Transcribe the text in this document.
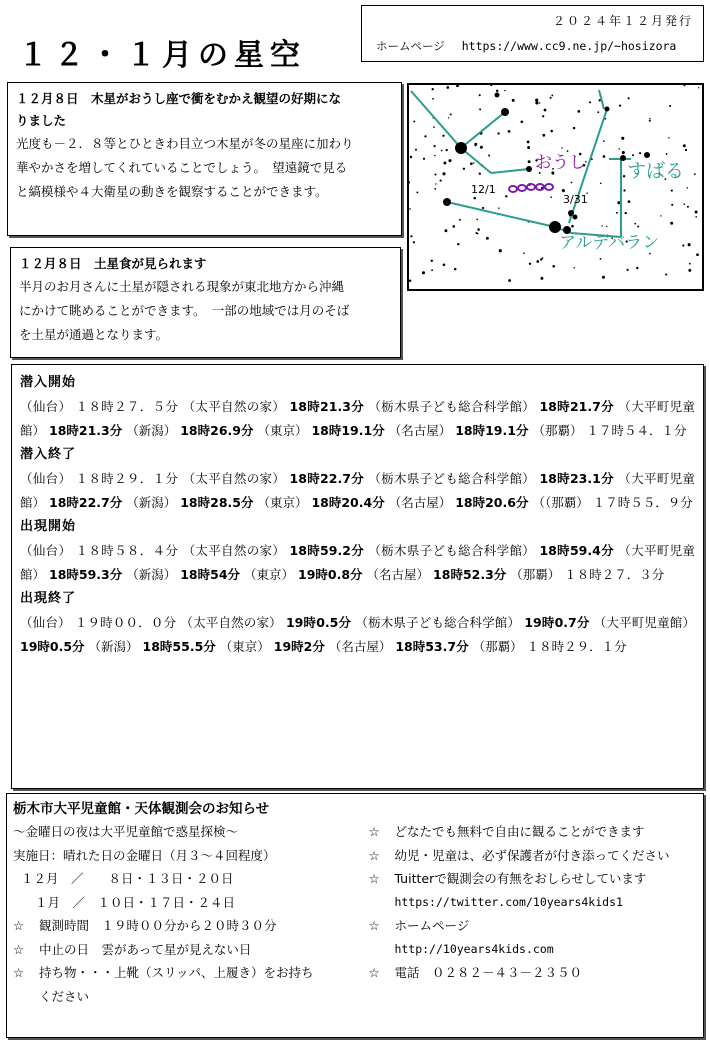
１２・１月の星空
２０２４年１２月発行
ホームページ https://www.cc9.ne.jp/~hosizora
１２月８日　木星がおうし座で衝をむかえ観望の好期にな
りました
光度も－２．８等とひときわ目立つ木星が冬の星座に加わり
華やかさを増してくれていることでしょう。　望遠鏡で見る
と縞模様や４大衛星の動きを観察することができます。
おうし すばる
アルデバラン
12/1
3/31
１２月８日　土星食が見られます
半月のお月さんに土星が隠される現象が東北地方から沖縄
にかけて眺めることができます。　一部の地域では月のそば
を土星が通過となります。
潜入開始
（仙台） １８時２７．５分 （太平自然の家） 18時21.3分 （栃木県子ども総合科学館） 18時21.7分 （大平町児童館） 18時21.3分 （新潟） 18時26.9分 （東京） 18時19.1分 （名古屋） 18時19.1分 （那覇） １７時５４．１分
潜入終了
（仙台） １８時２９．１分 （太平自然の家） 18時22.7分 （栃木県子ども総合科学館） 18時23.1分 （大平町児童館） 18時22.7分 （新潟） 18時28.5分 （東京） 18時20.4分 （名古屋） 18時20.6分 （（那覇） １７時５５．９分
出現開始
（仙台） １８時５８．４分 （太平自然の家） 18時59.2分 （栃木県子ども総合科学館） 18時59.4分 （大平町児童館） 18時59.3分 （新潟） 18時54分 （東京） 19時0.8分 （名古屋） 18時52.3分 （那覇） １８時２７．３分
出現終了
（仙台） １９時００．０分 （太平自然の家） 19時0.5分 （栃木県子ども総合科学館） 19時0.7分 （大平町児童館） 19時0.5分 （新潟） 18時55.5分 （東京） 19時2分 （名古屋） 18時53.7分 （那覇） １８時２９．１分
栃木市大平児童館・天体観測会のお知らせ
～金曜日の夜は大平児童館で惑星探検～
実施日：晴れた日の金曜日（月３～４回程度）
１２月　／　　８日・１３日・２０日
１月　／　１０日・１７日・２４日
☆ 観測時間　１９時００分から２０時３０分
☆ 中止の日　雲があって星が見えない日
☆ 持ち物・・・上靴（スリッパ、上履き）をお持ち
ください
☆ どなたでも無料で自由に観ることができます
☆ 幼児・児童は、必ず保護者が付き添ってください
☆ Tuitterで観測会の有無をおしらせしています
https://twitter.com/10years4kids1
☆ ホームページ
http://10years4kids.com
☆ 電話　０２８２－４３－２３５０
